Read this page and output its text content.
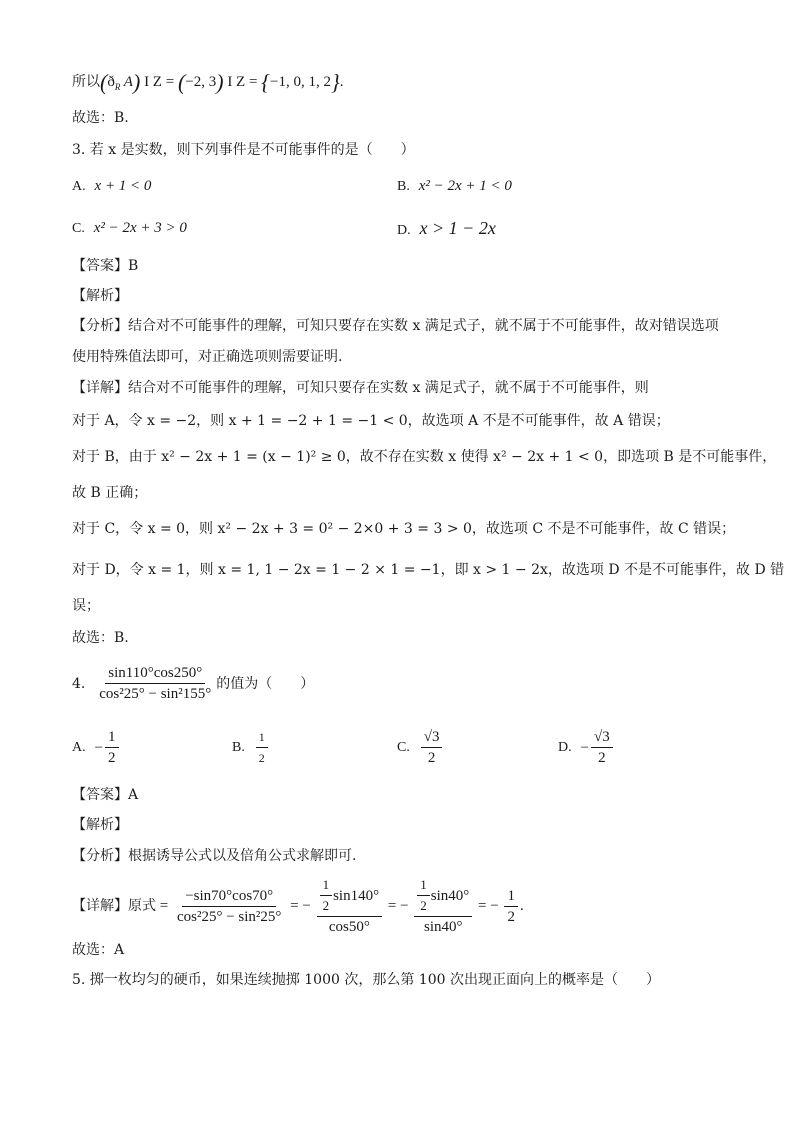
所以($ð_R$ A) I Z = (−2, 3) I Z = {−1, 0, 1, 2}.
故选：B.
3. 若 x 是实数，则下列事件是不可能事件的是（　　）
A. x + 1 < 0	B. x² − 2x + 1 < 0
C. x² − 2x + 3 > 0	D. x > 1 − 2x
【答案】B
【解析】
【分析】结合对不可能事件的理解，可知只要存在实数 x 满足式子，就不属于不可能事件，故对错误选项
使用特殊值法即可，对正确选项则需要证明.
【详解】结合对不可能事件的理解，可知只要存在实数 x 满足式子，就不属于不可能事件，则
对于 A，令 x = −2，则 x + 1 = −2 + 1 = −1 < 0，故选项 A 不是不可能事件，故 A 错误；
对于 B，由于 x² − 2x + 1 = (x − 1)² ≥ 0，故不存在实数 x 使得 x² − 2x + 1 < 0，即选项 B 是不可能事件，
故 B 正确；
对于 C，令 x = 0，则 x² − 2x + 3 = 0² − 2×0 + 3 = 3 > 0，故选项 C 不是不可能事件，故 C 错误；
对于 D，令 x = 1，则 x = 1, 1 − 2x = 1 − 2 × 1 = −1，即 x > 1 − 2x，故选项 D 不是不可能事件，故 D 错
误；
故选：B.
4.
$\frac{\sin 110^\circ\cos 250^\circ}{\text{cos²25° − sin²155°}}$ 的值为（　　）
A.
− $\frac{1}{2}$	B.
$\frac{1}{2}$	C.
$\frac{√3}{2}$	D.
− $\frac{√3}{2}$
【答案】A
【解析】
【分析】根据诱导公式以及倍角公式求解即可.
【详解】原式 = $\frac{-\sin 70^\circ\cos 70^\circ}{\text{cos²25° − sin²25°}}$ = − $\frac{\frac{1}{2} \sin 140^\circ}{\cos 50^\circ}$ = − $\frac{\frac{1}{2} \sin 40^\circ}{\sin 40^\circ}$ = − $\frac{1}{2}$ .
故选：A
5. 掷一枚均匀的硬币，如果连续抛掷 1000 次，那么第 100 次出现正面向上的概率是（　　）
